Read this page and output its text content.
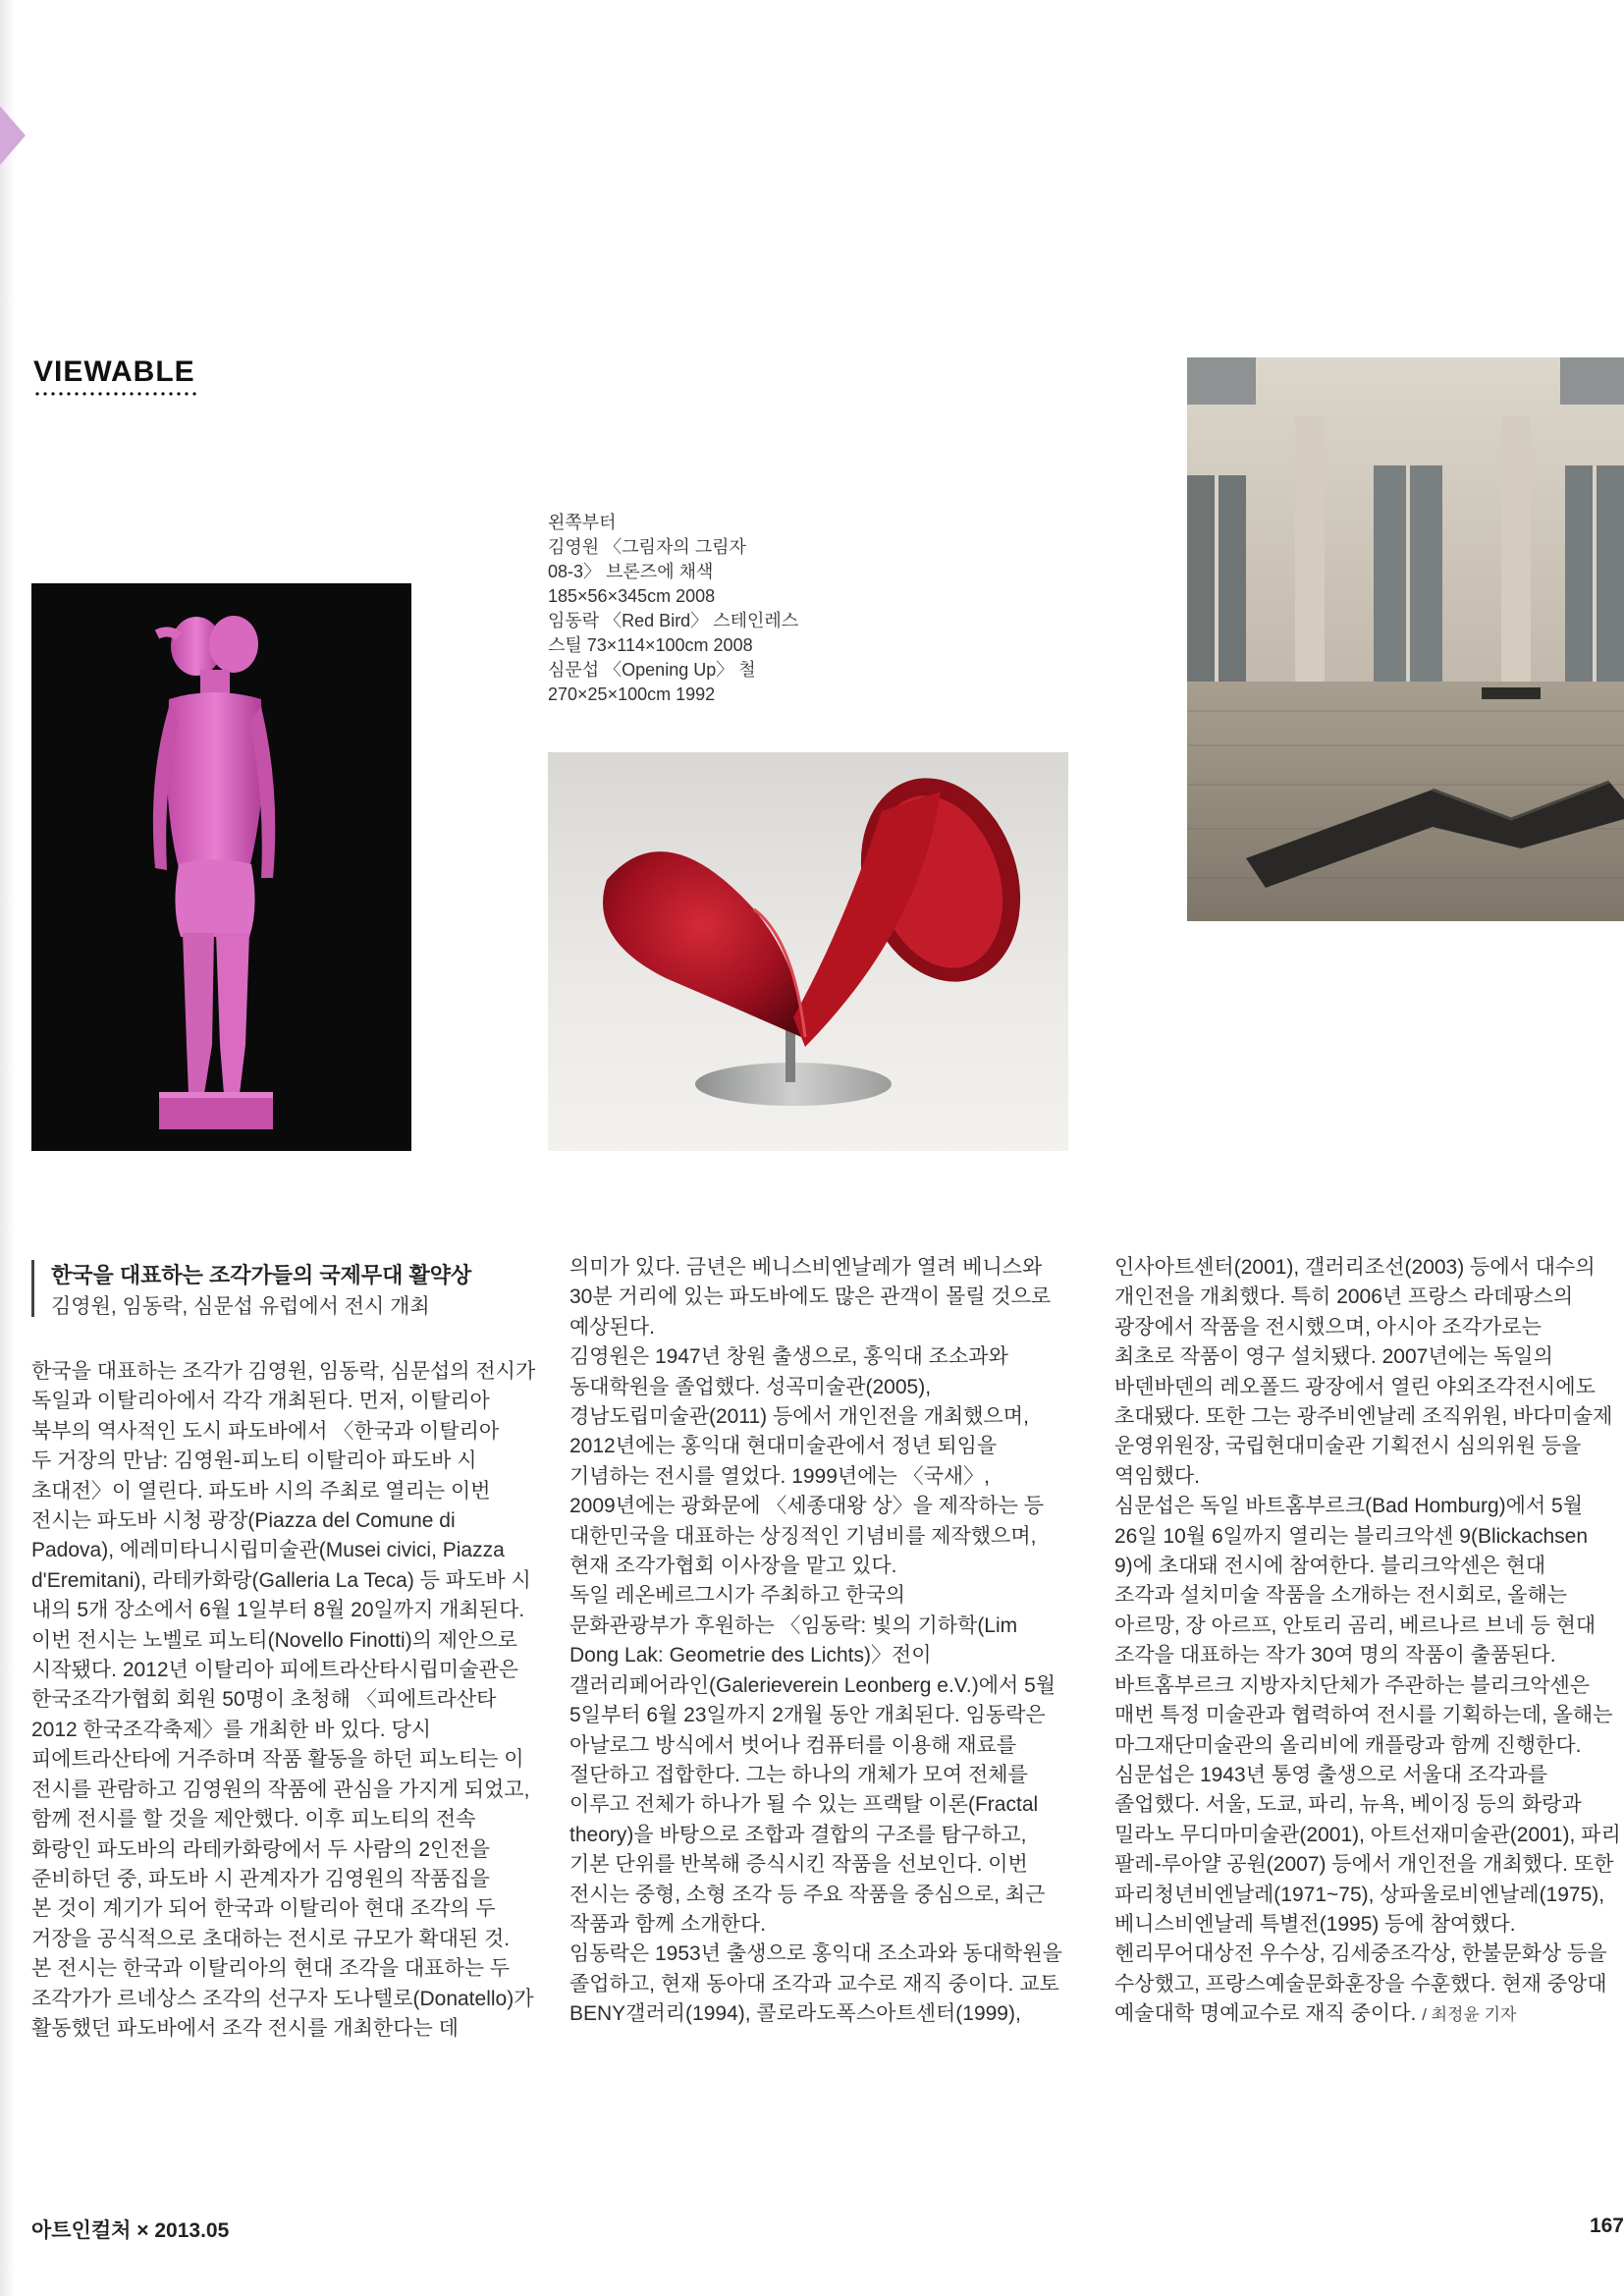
VIEWABLE
왼쪽부터
김영원 〈그림자의 그림자
08-3〉 브론즈에 채색
185×56×345cm 2008
임동락 〈Red Bird〉 스테인레스
스틸 73×114×100cm 2008
심문섭 〈Opening Up〉 철
270×25×100cm 1992
한국을 대표하는 조각가들의 국제무대 활약상
김영원, 임동락, 심문섭 유럽에서 전시 개최
한국을 대표하는 조각가 김영원, 임동락, 심문섭의 전시가
독일과 이탈리아에서 각각 개최된다. 먼저, 이탈리아
북부의 역사적인 도시 파도바에서 〈한국과 이탈리아
두 거장의 만남: 김영원-피노티 이탈리아 파도바 시
초대전〉이 열린다. 파도바 시의 주최로 열리는 이번
전시는 파도바 시청 광장(Piazza del Comune di
Padova), 에레미타니시립미술관(Musei civici, Piazza
d'Eremitani), 라테카화랑(Galleria La Teca) 등 파도바 시
내의 5개 장소에서 6월 1일부터 8월 20일까지 개최된다.
이번 전시는 노벨로 피노티(Novello Finotti)의 제안으로
시작됐다. 2012년 이탈리아 피에트라산타시립미술관은
한국조각가협회 회원 50명이 초청해 〈피에트라산타
2012 한국조각축제〉를 개최한 바 있다. 당시
피에트라산타에 거주하며 작품 활동을 하던 피노티는 이
전시를 관람하고 김영원의 작품에 관심을 가지게 되었고,
함께 전시를 할 것을 제안했다. 이후 피노티의 전속
화랑인 파도바의 라테카화랑에서 두 사람의 2인전을
준비하던 중, 파도바 시 관계자가 김영원의 작품집을
본 것이 계기가 되어 한국과 이탈리아 현대 조각의 두
거장을 공식적으로 초대하는 전시로 규모가 확대된 것.
본 전시는 한국과 이탈리아의 현대 조각을 대표하는 두
조각가가 르네상스 조각의 선구자 도나텔로(Donatello)가
활동했던 파도바에서 조각 전시를 개최한다는 데
의미가 있다. 금년은 베니스비엔날레가 열려 베니스와
30분 거리에 있는 파도바에도 많은 관객이 몰릴 것으로
예상된다.
김영원은 1947년 창원 출생으로, 홍익대 조소과와
동대학원을 졸업했다. 성곡미술관(2005),
경남도립미술관(2011) 등에서 개인전을 개최했으며,
2012년에는 홍익대 현대미술관에서 정년 퇴임을
기념하는 전시를 열었다. 1999년에는 〈국새〉,
2009년에는 광화문에 〈세종대왕 상〉을 제작하는 등
대한민국을 대표하는 상징적인 기념비를 제작했으며,
현재 조각가협회 이사장을 맡고 있다.
독일 레온베르그시가 주최하고 한국의
문화관광부가 후원하는 〈임동락: 빛의 기하학(Lim
Dong Lak: Geometrie des Lichts)〉전이
갤러리페어라인(Galerieverein Leonberg e.V.)에서 5월
5일부터 6월 23일까지 2개월 동안 개최된다. 임동락은
아날로그 방식에서 벗어나 컴퓨터를 이용해 재료를
절단하고 접합한다. 그는 하나의 개체가 모여 전체를
이루고 전체가 하나가 될 수 있는 프랙탈 이론(Fractal
theory)을 바탕으로 조합과 결합의 구조를 탐구하고,
기본 단위를 반복해 증식시킨 작품을 선보인다. 이번
전시는 중형, 소형 조각 등 주요 작품을 중심으로, 최근
작품과 함께 소개한다.
임동락은 1953년 출생으로 홍익대 조소과와 동대학원을
졸업하고, 현재 동아대 조각과 교수로 재직 중이다. 교토
BENY갤러리(1994), 콜로라도폭스아트센터(1999),
인사아트센터(2001), 갤러리조선(2003) 등에서 대수의
개인전을 개최했다. 특히 2006년 프랑스 라데팡스의
광장에서 작품을 전시했으며, 아시아 조각가로는
최초로 작품이 영구 설치됐다. 2007년에는 독일의
바덴바덴의 레오폴드 광장에서 열린 야외조각전시에도
초대됐다. 또한 그는 광주비엔날레 조직위원, 바다미술제
운영위원장, 국립현대미술관 기획전시 심의위원 등을
역임했다.
심문섭은 독일 바트홈부르크(Bad Homburg)에서 5월
26일 10월 6일까지 열리는 블리크악센 9(Blickachsen
9)에 초대돼 전시에 참여한다. 블리크악센은 현대
조각과 설치미술 작품을 소개하는 전시회로, 올해는
아르망, 장 아르프, 안토리 곰리, 베르나르 브네 등 현대
조각을 대표하는 작가 30여 명의 작품이 출품된다.
바트홈부르크 지방자치단체가 주관하는 블리크악센은
매번 특정 미술관과 협력하여 전시를 기획하는데, 올해는
마그재단미술관의 올리비에 캐플랑과 함께 진행한다.
심문섭은 1943년 통영 출생으로 서울대 조각과를
졸업했다. 서울, 도쿄, 파리, 뉴욕, 베이징 등의 화랑과
밀라노 무디마미술관(2001), 아트선재미술관(2001), 파리
팔레-루아얄 공원(2007) 등에서 개인전을 개최했다. 또한
파리청년비엔날레(1971~75), 상파울로비엔날레(1975),
베니스비엔날레 특별전(1995) 등에 참여했다.
헨리무어대상전 우수상, 김세중조각상, 한불문화상 등을
수상했고, 프랑스예술문화훈장을 수훈했다. 현재 중앙대
예술대학 명예교수로 재직 중이다. / 최정윤 기자
아트인컬처 × 2013.05	167
